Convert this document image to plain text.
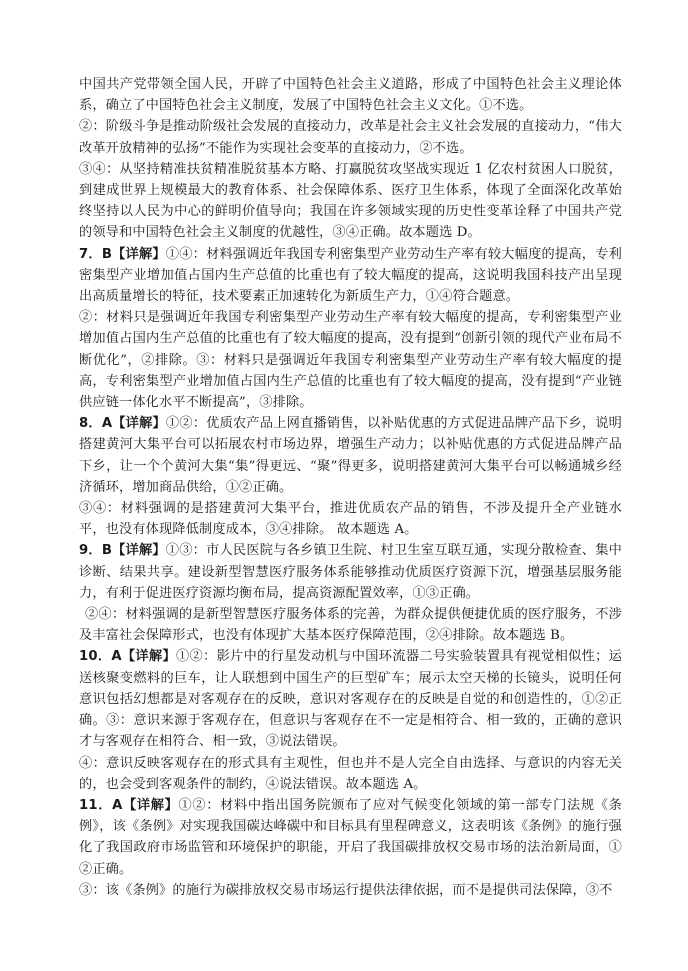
中国共产党带领全国人民，开辟了中国特色社会主义道路，形成了中国特色社会主义理论体系，确立了中国特色社会主义制度，发展了中国特色社会主义文化。①不选。

②：阶级斗争是推动阶级社会发展的直接动力，改革是社会主义社会发展的直接动力，“伟大改革开放精神的弘扬”不能作为实现社会变革的直接动力，②不选。

③④：从坚持精准扶贫精准脱贫基本方略、打赢脱贫攻坚战实现近 1 亿农村贫困人口脱贫，到建成世界上规模最大的教育体系、社会保障体系、医疗卫生体系，体现了全面深化改革始终坚持以人民为中心的鲜明价值导向；我国在许多领域实现的历史性变革诠释了中国共产党的领导和中国特色社会主义制度的优越性，③④正确。故本题选 D。

7．B【详解】①④：材料强调近年我国专利密集型产业劳动生产率有较大幅度的提高，专利密集型产业增加值占国内生产总值的比重也有了较大幅度的提高，这说明我国科技产出呈现出高质量增长的特征，技术要素正加速转化为新质生产力，①④符合题意。

②：材料只是强调近年我国专利密集型产业劳动生产率有较大幅度的提高，专利密集型产业增加值占国内生产总值的比重也有了较大幅度的提高，没有提到“创新引领的现代产业布局不断优化”，②排除。③：材料只是强调近年我国专利密集型产业劳动生产率有较大幅度的提高，专利密集型产业增加值占国内生产总值的比重也有了较大幅度的提高，没有提到“产业链供应链一体化水平不断提高”，③排除。

8．A【详解】①②：优质农产品上网直播销售，以补贴优惠的方式促进品牌产品下乡，说明搭建黄河大集平台可以拓展农村市场边界，增强生产动力；以补贴优惠的方式促进品牌产品下乡，让一个个黄河大集“集”得更远、“聚”得更多，说明搭建黄河大集平台可以畅通城乡经济循环，增加商品供给，①②正确。

③④：材料强调的是搭建黄河大集平台，推进优质农产品的销售，不涉及提升全产业链水平，也没有体现降低制度成本，③④排除。 故本题选 A。

9．B【详解】①③：市人民医院与各乡镇卫生院、村卫生室互联互通，实现分散检查、集中诊断、结果共享。建设新型智慧医疗服务体系能够推动优质医疗资源下沉，增强基层服务能力，有利于促进医疗资源均衡布局，提高资源配置效率，①③正确。

②④：材料强调的是新型智慧医疗服务体系的完善，为群众提供便捷优质的医疗服务，不涉及丰富社会保障形式，也没有体现扩大基本医疗保障范围，②④排除。故本题选 B。

10．A【详解】①②：影片中的行星发动机与中国环流器二号实验装置具有视觉相似性；运送核聚变燃料的巨车，让人联想到中国生产的巨型矿车；展示太空天梯的长镜头，说明任何意识包括幻想都是对客观存在的反映，意识对客观存在的反映是自觉的和创造性的，①②正确。③：意识来源于客观存在，但意识与客观存在不一定是相符合、相一致的，正确的意识才与客观存在相符合、相一致，③说法错误。

④：意识反映客观存在的形式具有主观性，但也并不是人完全自由选择、与意识的内容无关的，也会受到客观条件的制约，④说法错误。故本题选 A。

11．A【详解】①②：材料中指出国务院颁布了应对气候变化领域的第一部专门法规《条例》，该《条例》对实现我国碳达峰碳中和目标具有里程碑意义，这表明该《条例》的施行强化了我国政府市场监管和环境保护的职能，开启了我国碳排放权交易市场的法治新局面，①②正确。

③：该《条例》的施行为碳排放权交易市场运行提供法律依据，而不是提供司法保障，③不
